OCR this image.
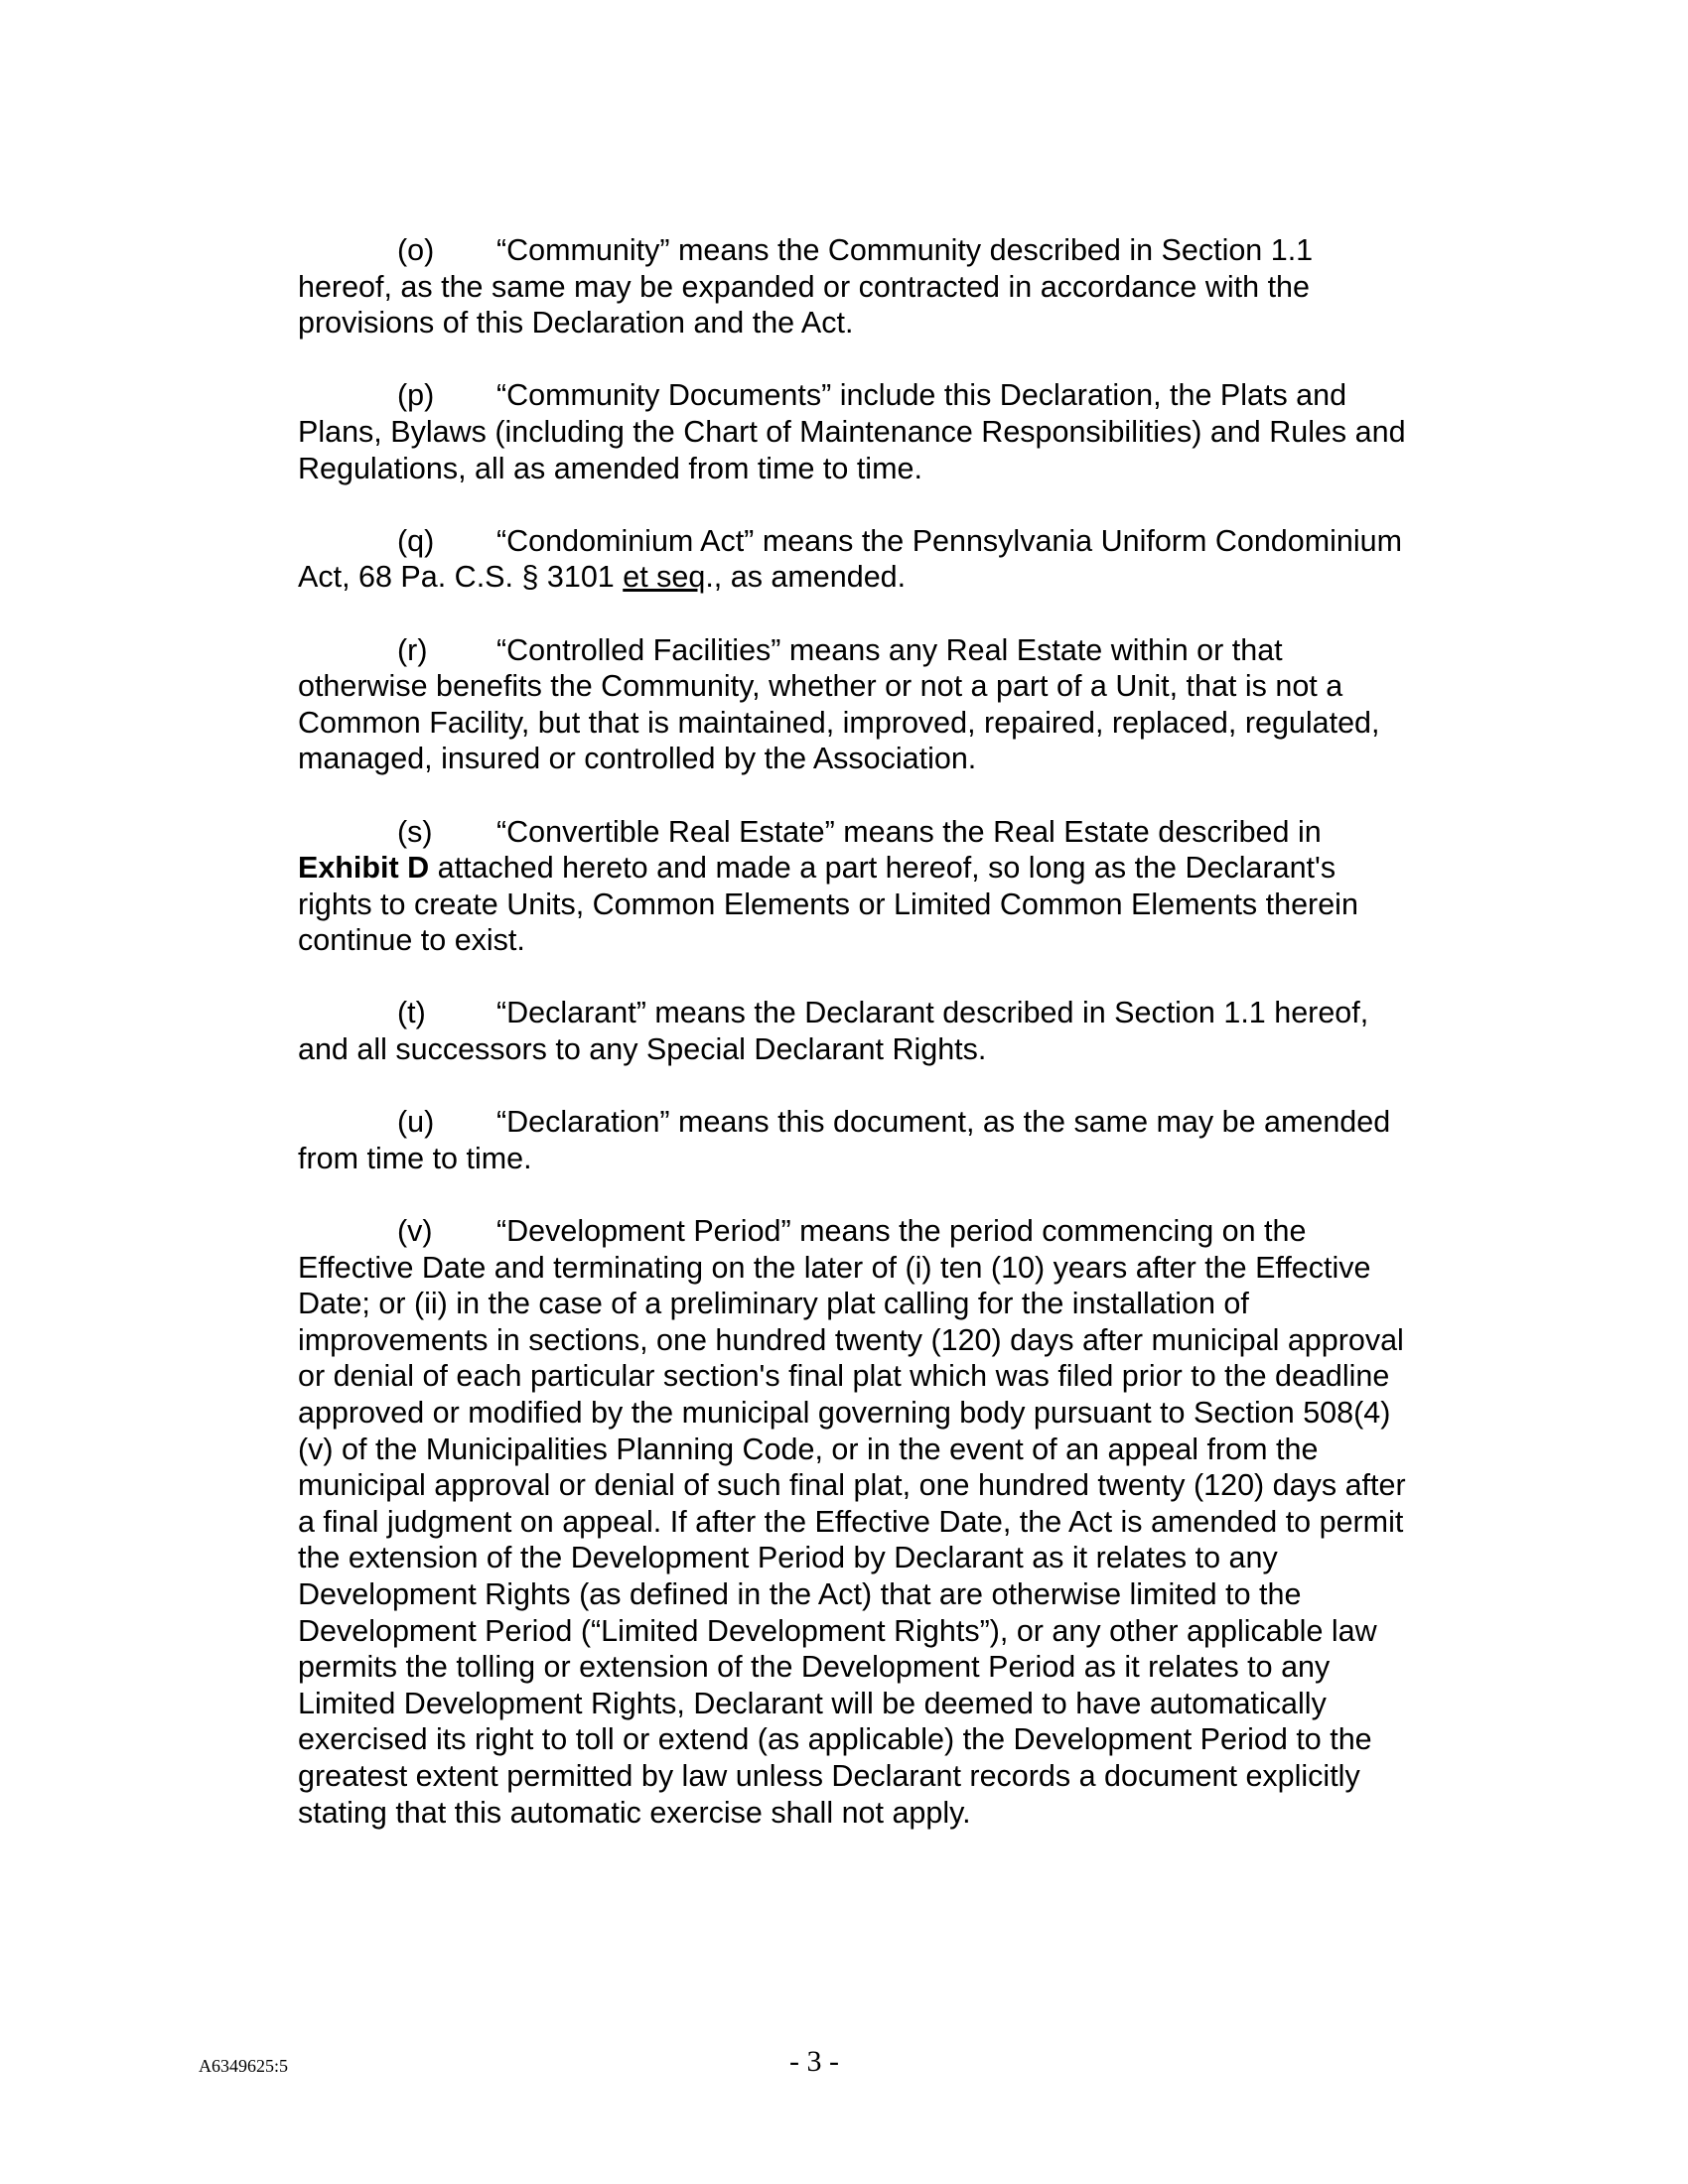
(o) “Community” means the Community described in Section 1.1 hereof, as the same may be expanded or contracted in accordance with the provisions of this Declaration and the Act.

(p) “Community Documents” include this Declaration, the Plats and Plans, Bylaws (including the Chart of Maintenance Responsibilities) and Rules and Regulations, all as amended from time to time.

(q) “Condominium Act” means the Pennsylvania Uniform Condominium Act, 68 Pa. C.S. § 3101 et seq., as amended.

(r) “Controlled Facilities” means any Real Estate within or that otherwise benefits the Community, whether or not a part of a Unit, that is not a Common Facility, but that is maintained, improved, repaired, replaced, regulated, managed, insured or controlled by the Association.

(s) “Convertible Real Estate” means the Real Estate described in Exhibit D attached hereto and made a part hereof, so long as the Declarant's rights to create Units, Common Elements or Limited Common Elements therein continue to exist.

(t) “Declarant” means the Declarant described in Section 1.1 hereof, and all successors to any Special Declarant Rights.

(u) “Declaration” means this document, as the same may be amended from time to time.

(v) “Development Period” means the period commencing on the Effective Date and terminating on the later of (i) ten (10) years after the Effective Date; or (ii) in the case of a preliminary plat calling for the installation of improvements in sections, one hundred twenty (120) days after municipal approval or denial of each particular section's final plat which was filed prior to the deadline approved or modified by the municipal governing body pursuant to Section 508(4)(v) of the Municipalities Planning Code, or in the event of an appeal from the municipal approval or denial of such final plat, one hundred twenty (120) days after a final judgment on appeal. If after the Effective Date, the Act is amended to permit the extension of the Development Period by Declarant as it relates to any Development Rights (as defined in the Act) that are otherwise limited to the Development Period (“Limited Development Rights”), or any other applicable law permits the tolling or extension of the Development Period as it relates to any Limited Development Rights, Declarant will be deemed to have automatically exercised its right to toll or extend (as applicable) the Development Period to the greatest extent permitted by law unless Declarant records a document explicitly stating that this automatic exercise shall not apply.

A6349625:5	- 3 -
